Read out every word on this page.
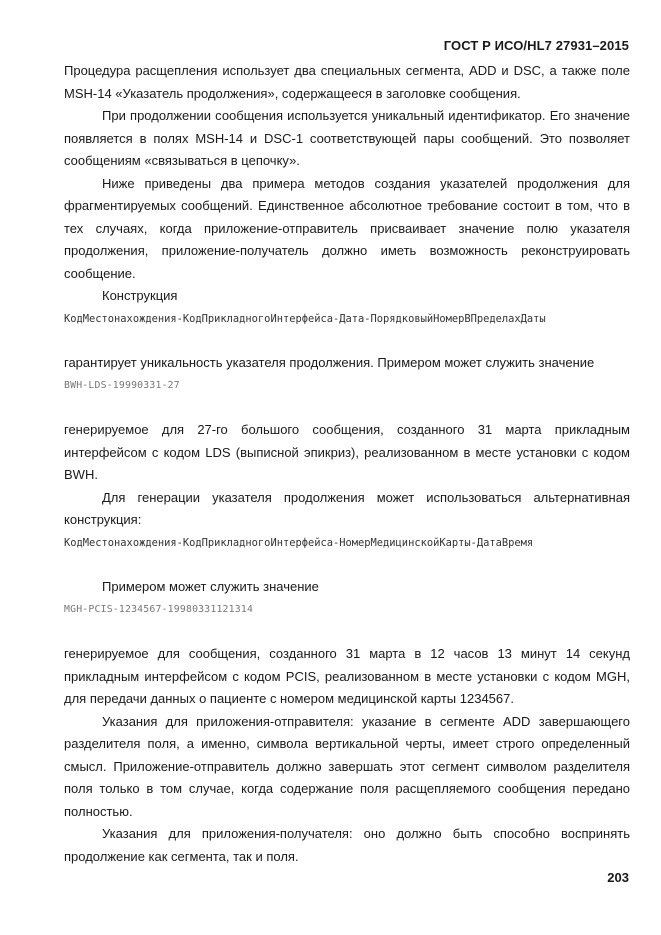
ГОСТ Р ИСО/HL7 27931–2015

Процедура расщепления использует два специальных сегмента, ADD и DSC, а также поле MSH-14 «Указатель продолжения», содержащееся в заголовке сообщения.

При продолжении сообщения используется уникальный идентификатор. Его значение появляется в полях MSH-14 и DSC-1 соответствующей пары сообщений. Это позволяет сообщениям «связываться в цепочку».

Ниже приведены два примера методов создания указателей продолжения для фрагментируемых сообщений. Единственное абсолютное требование состоит в том, что в тех случаях, когда приложение-отправитель присваивает значение полю указателя продолжения, приложение-получатель должно иметь возможность реконструировать сообщение.

Конструкция

КодМестонахождения-КодПрикладногоИнтерфейса-Дата-ПорядковыйНомерВПределахДаты

гарантирует уникальность указателя продолжения. Примером может служить значение

BWH-LDS-19990331-27

генерируемое для 27-го большого сообщения, созданного 31 марта прикладным интерфейсом с кодом LDS (выписной эпикриз), реализованном в месте установки с кодом BWH.

Для генерации указателя продолжения может использоваться альтернативная конструкция:

КодМестонахождения-КодПрикладногоИнтерфейса-НомерМедицинскойКарты-ДатаВремя

Примером может служить значение

MGH-PCIS-1234567-19980331121314

генерируемое для сообщения, созданного 31 марта в 12 часов 13 минут 14 секунд прикладным интерфейсом с кодом PCIS, реализованном в месте установки с кодом MGH, для передачи данных о пациенте с номером медицинской карты 1234567.

Указания для приложения-отправителя: указание в сегменте ADD завершающего разделителя поля, а именно, символа вертикальной черты, имеет строго определенный смысл. Приложение-отправитель должно завершать этот сегмент символом разделителя поля только в том случае, когда содержание поля расщепляемого сообщения передано полностью.

Указания для приложения-получателя: оно должно быть способно воспринять продолжение как сегмента, так и поля.

203
